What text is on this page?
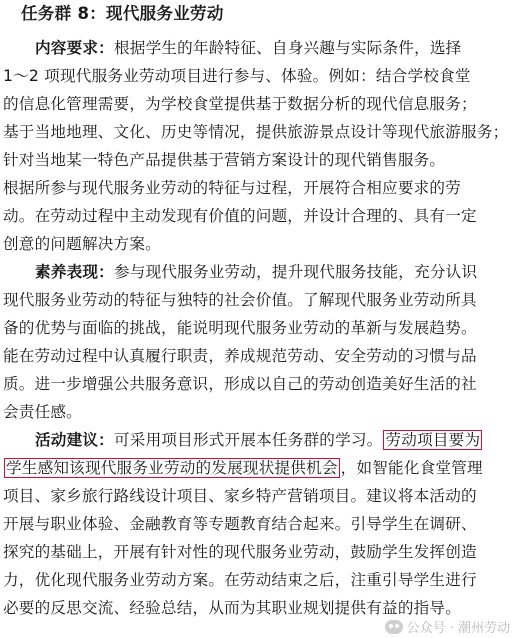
任务群 8：现代服务业劳动
内容要求：根据学生的年龄特征、自身兴趣与实际条件，选择
1～2 项现代服务业劳动项目进行参与、体验。例如：结合学校食堂
的信息化管理需要，为学校食堂提供基于数据分析的现代信息服务；
基于当地地理、文化、历史等情况，提供旅游景点设计等现代旅游服务；
针对当地某一特色产品提供基于营销方案设计的现代销售服务。
根据所参与现代服务业劳动的特征与过程，开展符合相应要求的劳
动。在劳动过程中主动发现有价值的问题，并设计合理的、具有一定
创意的问题解决方案。
素养表现：参与现代服务业劳动，提升现代服务技能，充分认识
现代服务业劳动的特征与独特的社会价值。了解现代服务业劳动所具
备的优势与面临的挑战，能说明现代服务业劳动的革新与发展趋势。
能在劳动过程中认真履行职责，养成规范劳动、安全劳动的习惯与品
质。进一步增强公共服务意识，形成以自己的劳动创造美好生活的社
会责任感。
活动建议：可采用项目形式开展本任务群的学习。 劳动项目要为
学生感知该现代服务业劳动的发展现状提供机会 ，如智能化食堂管理
项目、家乡旅行路线设计项目、家乡特产营销项目。建议将本活动的
开展与职业体验、金融教育等专题教育结合起来。引导学生在调研、
探究的基础上，开展有针对性的现代服务业劳动，鼓励学生发挥创造
力，优化现代服务业劳动方案。在劳动结束之后，注重引导学生进行
必要的反思交流、经验总结，从而为其职业规划提供有益的指导。
公众号 · 潮州劳动
